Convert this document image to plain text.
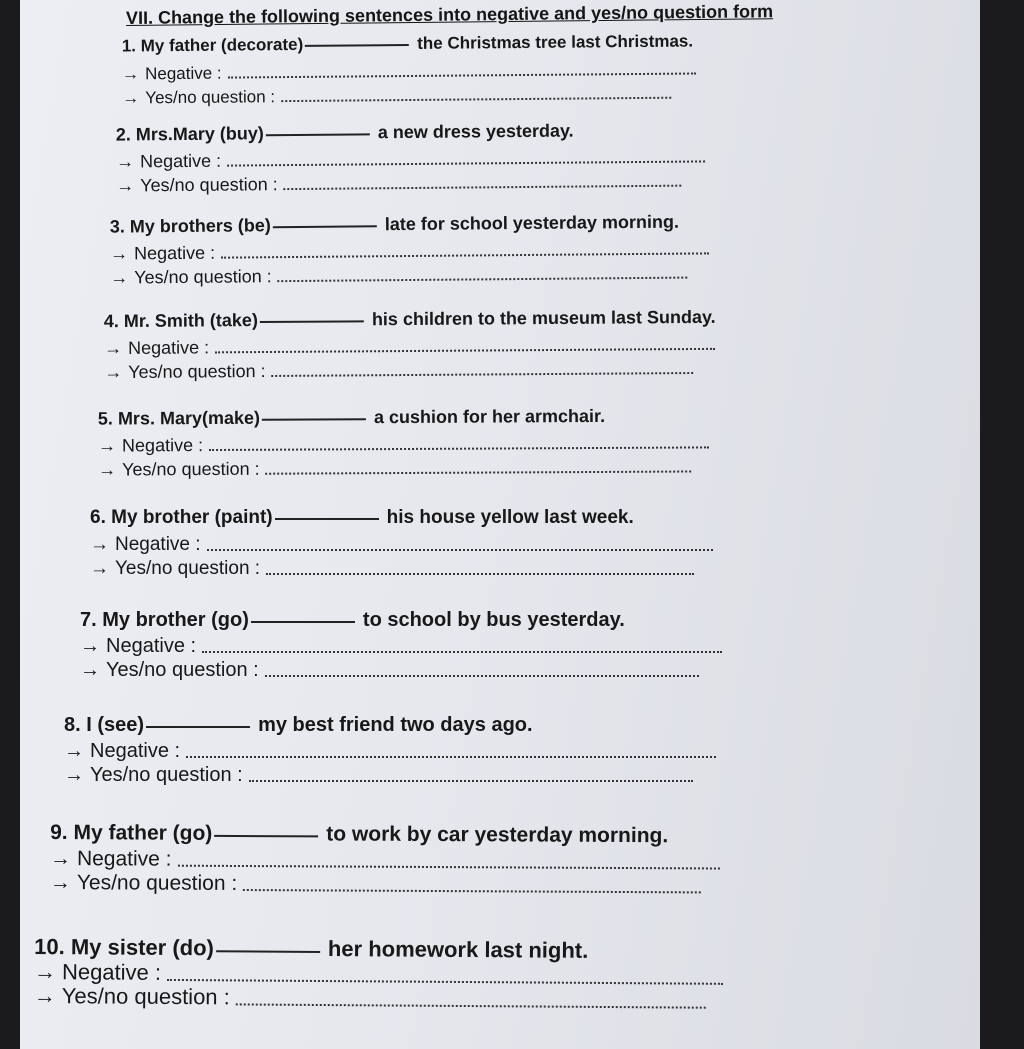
VII. Change the following sentences into negative and yes/no question form
1. My father (decorate)	the Christmas tree last Christmas.
→ Negative :
→ Yes/no question :
2. Mrs.Mary (buy)	a new dress yesterday.
→ Negative :
→ Yes/no question :
3. My brothers (be)	late for school yesterday morning.
→ Negative :
→ Yes/no question :
4. Mr. Smith (take)	his children to the museum last Sunday.
→ Negative :
→ Yes/no question :
5. Mrs. Mary(make)	a cushion for her armchair.
→ Negative :
→ Yes/no question :
6. My brother (paint)	his house yellow last week.
→ Negative :
→ Yes/no question :
7. My brother (go)	to school by bus yesterday.
→ Negative :
→ Yes/no question :
8. I (see)	my best friend two days ago.
→ Negative :
→ Yes/no question :
9. My father (go)	to work by car yesterday morning.
→ Negative :
→ Yes/no question :
10. My sister (do)	her homework last night.
→ Negative :
→ Yes/no question :
